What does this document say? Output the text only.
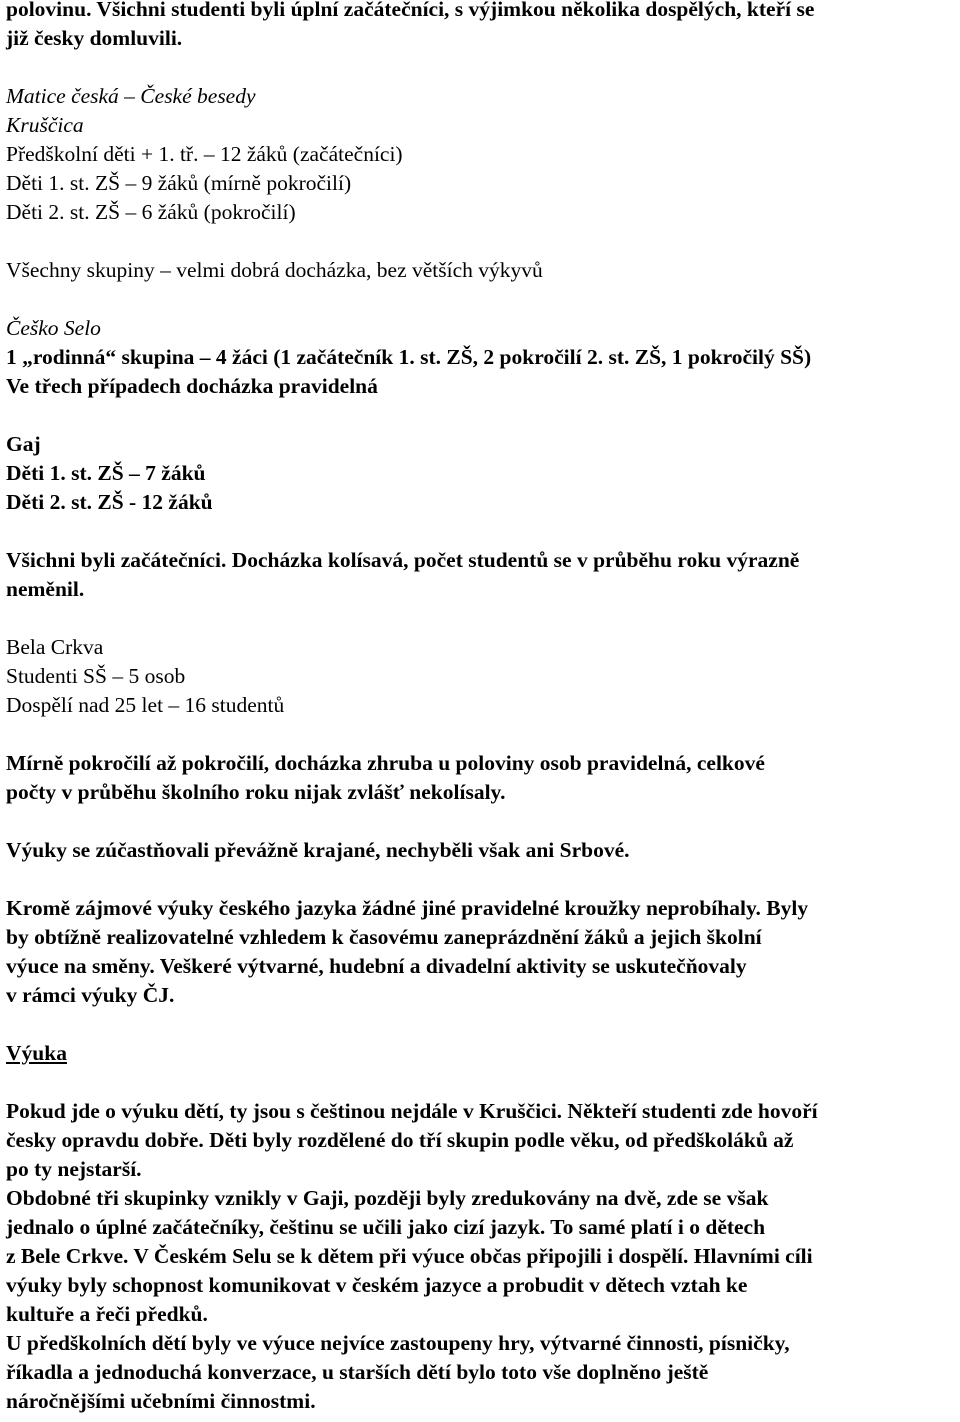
polovinu. Všichni studenti byli úplní začátečníci, s výjimkou několika dospělých, kteří se
již česky domluvili.
Matice česká – České besedy
Kruščica
Předškolní děti + 1. tř. – 12 žáků (začátečníci)
Děti 1. st. ZŠ – 9 žáků (mírně pokročilí)
Děti 2. st. ZŠ – 6 žáků (pokročilí)
Všechny skupiny – velmi dobrá docházka, bez větších výkyvů
Češko Selo
1 „rodinná“ skupina – 4 žáci (1 začátečník 1. st. ZŠ, 2 pokročilí 2. st. ZŠ, 1 pokročilý SŠ)
Ve třech případech docházka pravidelná
Gaj
Děti 1. st. ZŠ – 7 žáků
Děti 2. st. ZŠ - 12 žáků
Všichni byli začátečníci. Docházka kolísavá, počet studentů se v průběhu roku výrazně
neměnil.
Bela Crkva
Studenti SŠ – 5 osob
Dospělí nad 25 let – 16 studentů
Mírně pokročilí až pokročilí, docházka zhruba u poloviny osob pravidelná, celkové
počty v průběhu školního roku nijak zvlášť nekolísaly.
Výuky se zúčastňovali převážně krajané, nechyběli však ani Srbové.
Kromě zájmové výuky českého jazyka žádné jiné pravidelné kroužky neprobíhaly. Byly
by obtížně realizovatelné vzhledem k časovému zaneprázdnění žáků a jejich školní
výuce na směny. Veškeré výtvarné, hudební a divadelní aktivity se uskutečňovaly
v rámci výuky ČJ.
Výuka
Pokud jde o výuku dětí, ty jsou s češtinou nejdále v Kruščici. Někteří studenti zde hovoří
česky opravdu dobře. Děti byly rozdělené do tří skupin podle věku, od předškoláků až
po ty nejstarší.
Obdobné tři skupinky vznikly v Gaji, později byly zredukovány na dvě, zde se však
jednalo o úplné začátečníky, češtinu se učili jako cizí jazyk. To samé platí i o dětech
z Bele Crkve. V Českém Selu se k dětem při výuce občas připojili i dospělí. Hlavními cíli
výuky byly schopnost komunikovat v českém jazyce a probudit v dětech vztah ke
kultuře a řeči předků.
U předškolních dětí byly ve výuce nejvíce zastoupeny hry, výtvarné činnosti, písničky,
říkadla a jednoduchá konverzace, u starších dětí bylo toto vše doplněno ještě
náročnějšími učebními činnostmi.
